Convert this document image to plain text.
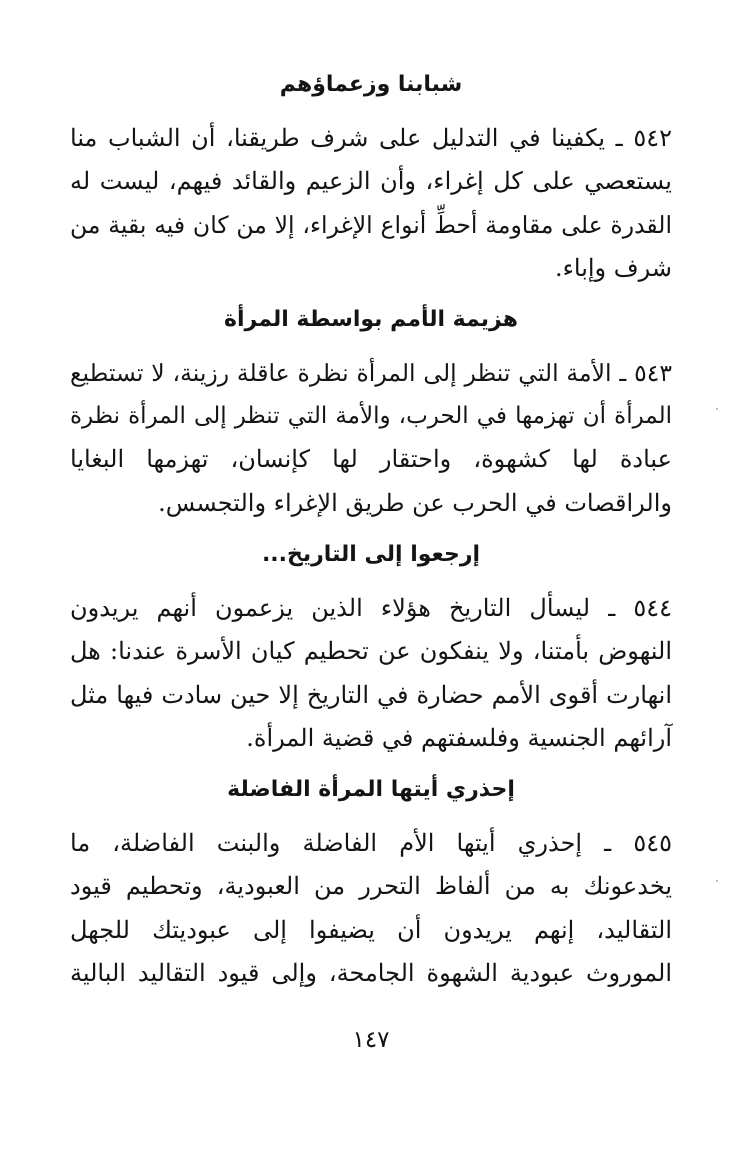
شبابنا وزعماؤهم
٥٤٢ ـ يكفينا في التدليل على شرف طريقنا، أن الشباب منا
يستعصي على كل إغراء، وأن الزعيم والقائد فيهم، ليست له
القدرة على مقاومة أحطِّ أنواع الإغراء، إلا من كان فيه بقية من
شرف وإباء.
هزيمة الأمم بواسطة المرأة
٥٤٣ ـ الأمة التي تنظر إلى المرأة نظرة عاقلة رزينة، لا تستطيع
المرأة أن تهزمها في الحرب، والأمة التي تنظر إلى المرأة نظرة
عبادة لها كشهوة، واحتقار لها كإنسان، تهزمها البغايا
والراقصات في الحرب عن طريق الإغراء والتجسس.
إرجعوا إلى التاريخ...
٥٤٤ ـ ليسأل التاريخ هؤلاء الذين يزعمون أنهم يريدون
النهوض بأمتنا، ولا ينفكون عن تحطيم كيان الأسرة عندنا: هل
انهارت أقوى الأمم حضارة في التاريخ إلا حين سادت فيها مثل
آرائهم الجنسية وفلسفتهم في قضية المرأة.
إحذري أيتها المرأة الفاضلة
٥٤٥ ـ إحذري أيتها الأم الفاضلة والبنت الفاضلة، ما
يخدعونك به من ألفاظ التحرر من العبودية، وتحطيم قيود
التقاليد، إنهم يريدون أن يضيفوا إلى عبوديتك للجهل
الموروث عبودية الشهوة الجامحة، وإلى قيود التقاليد البالية
١٤٧
